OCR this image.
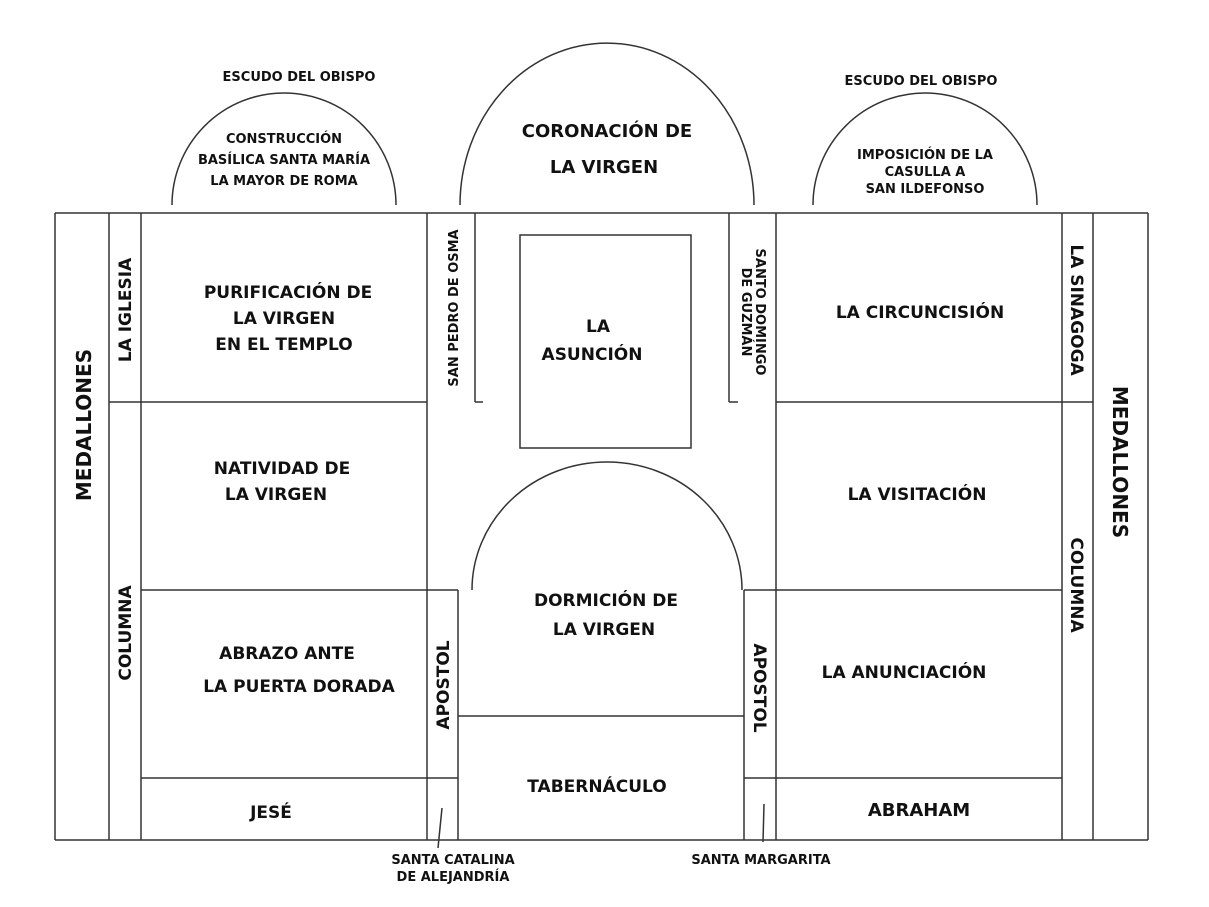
ESCUDO DEL OBISPO	ESCUDO DEL OBISPO
CONSTRUCCIÓN
BASÍLICA SANTA MARÍA
LA MAYOR DE ROMA
CORONACIÓN DE
LA VIRGEN
IMPOSICIÓN DE LA
CASULLA A
SAN ILDEFONSO
MEDALLONES	MEDALLONES
LA IGLESIA	LA SINAGOGA
COLUMNA
COLUMNA
SAN PEDRO DE OSMA	SANTO DOMINGO
DE GUZMÁN
APOSTOL	APOSTOL
PURIFICACIÓN DE
LA VIRGEN
EN EL TEMPLO
LA
ASUNCIÓN
LA CIRCUNCISIÓN
NATIVIDAD DE
LA VIRGEN	LA VISITACIÓN
DORMICIÓN DE
LA VIRGEN
ABRAZO ANTE
LA PUERTA DORADA
LA ANUNCIACIÓN
TABERNÁCULO
JESÉ	ABRAHAM
SANTA CATALINA
DE ALEJANDRÍA
SANTA MARGARITA
